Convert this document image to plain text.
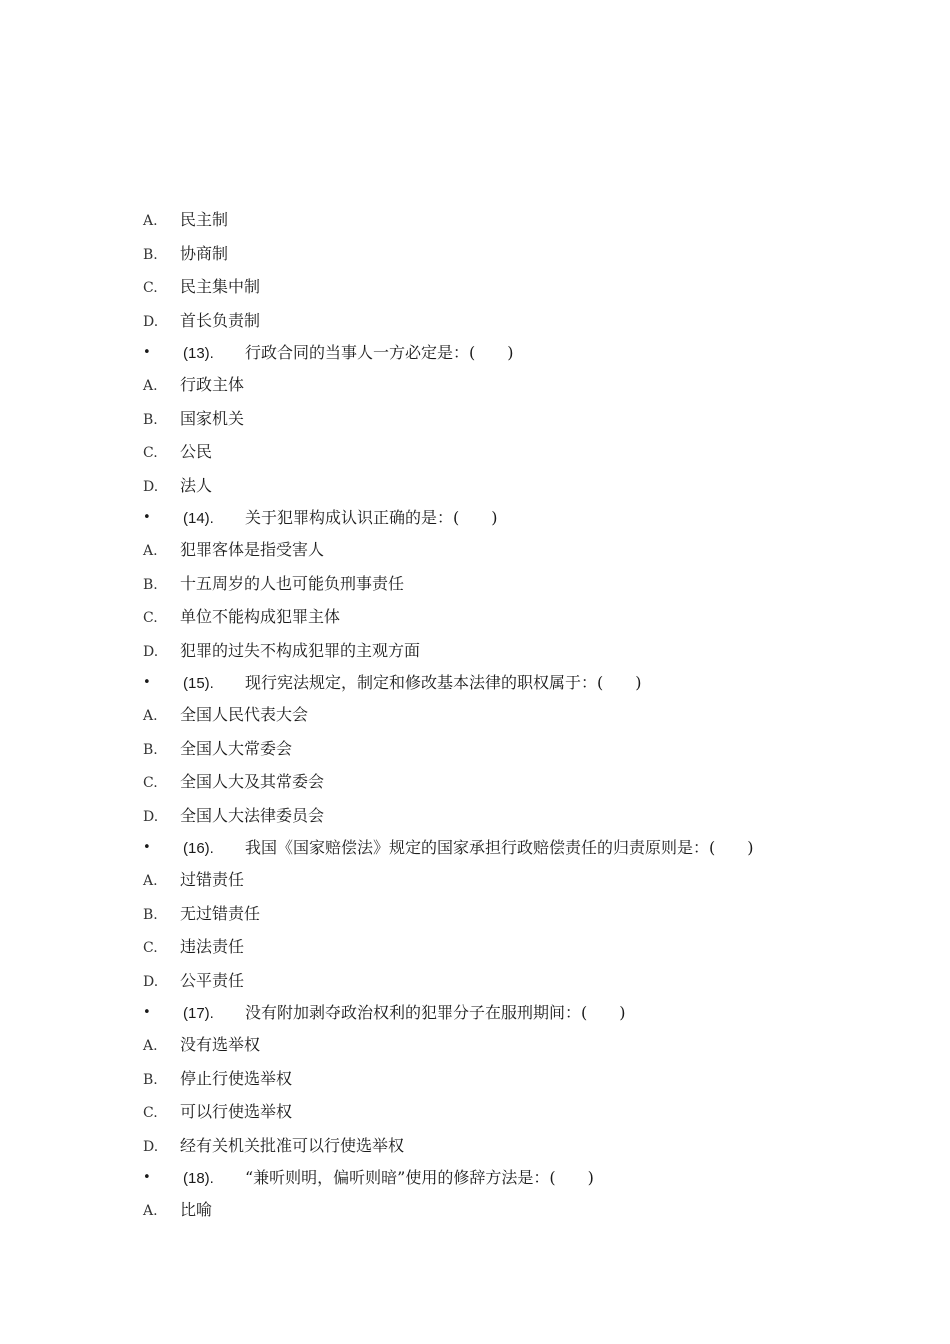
A. 民主制
B. 协商制
C. 民主集中制
D. 首长负责制
• (13). 行政合同的当事人一方必定是：(　　)
A. 行政主体
B. 国家机关
C. 公民
D. 法人
• (14). 关于犯罪构成认识正确的是：(　　)
A. 犯罪客体是指受害人
B. 十五周岁的人也可能负刑事责任
C. 单位不能构成犯罪主体
D. 犯罪的过失不构成犯罪的主观方面
• (15). 现行宪法规定，制定和修改基本法律的职权属于：(　　)
A. 全国人民代表大会
B. 全国人大常委会
C. 全国人大及其常委会
D. 全国人大法律委员会
• (16). 我国《国家赔偿法》规定的国家承担行政赔偿责任的归责原则是：(　　)
A. 过错责任
B. 无过错责任
C. 违法责任
D. 公平责任
• (17). 没有附加剥夺政治权利的犯罪分子在服刑期间：(　　)
A. 没有选举权
B. 停止行使选举权
C. 可以行使选举权
D. 经有关机关批准可以行使选举权
• (18). “兼听则明，偏听则暗”使用的修辞方法是：(　　)
A. 比喻
